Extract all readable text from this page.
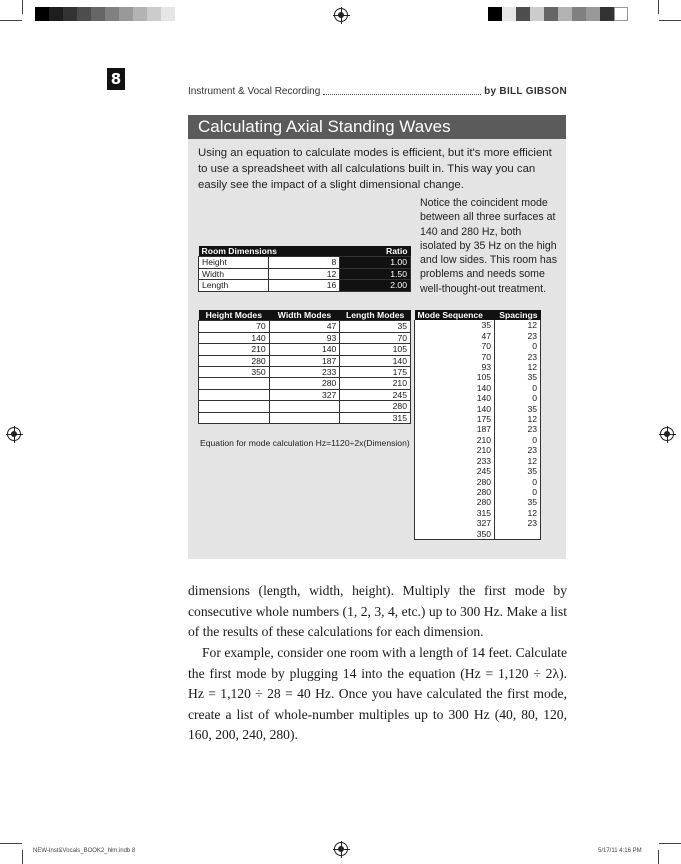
8
Instrument & Vocal Recording	by BILL GIBSON
Calculating Axial Standing Waves
Using an equation to calculate modes is efficient, but it's more efficient to use a spreadsheet with all calculations built in. This way you can easily see the impact of a slight dimensional change.
Notice the coincident mode between all three surfaces at 140 and 280 Hz, both isolated by 35 Hz on the high and low sides. This room has problems and needs some well-thought-out treatment.
Room Dimensions		Ratio
Height	8	1.00
Width	12	1.50
Length	16	2.00
Height Modes	Width Modes	Length Modes
70	47	35
140	93	70
210	140	105
280	187	140
350	233	175
	280	210
	327	245
		280
		315
Equation for mode calculation Hz=1120÷2x(Dimension)
Mode Sequence	Spacings
35	12
47	23
70	0
70	23
93	12
105	35
140	0
140	0
140	35
175	12
187	23
210	0
210	23
233	12
245	35
280	0
280	0
280	35
315	12
327	23
350	
dimensions (length, width, height). Multiply the first mode by consecutive whole numbers (1, 2, 3, 4, etc.) up to 300 Hz. Make a list of the results of these calculations for each dimension.
For example, consider one room with a length of 14 feet. Calculate the first mode by plugging 14 into the equation (Hz = 1,120 ÷ 2λ). Hz = 1,120 ÷ 28 = 40 Hz. Once you have calculated the first mode, create a list of whole-number multiples up to 300 Hz (40, 80, 120, 160, 200, 240, 280).
NEW-Inst&Vocals_BOOK2_hlm.indb 8	5/17/11 4:16 PM
